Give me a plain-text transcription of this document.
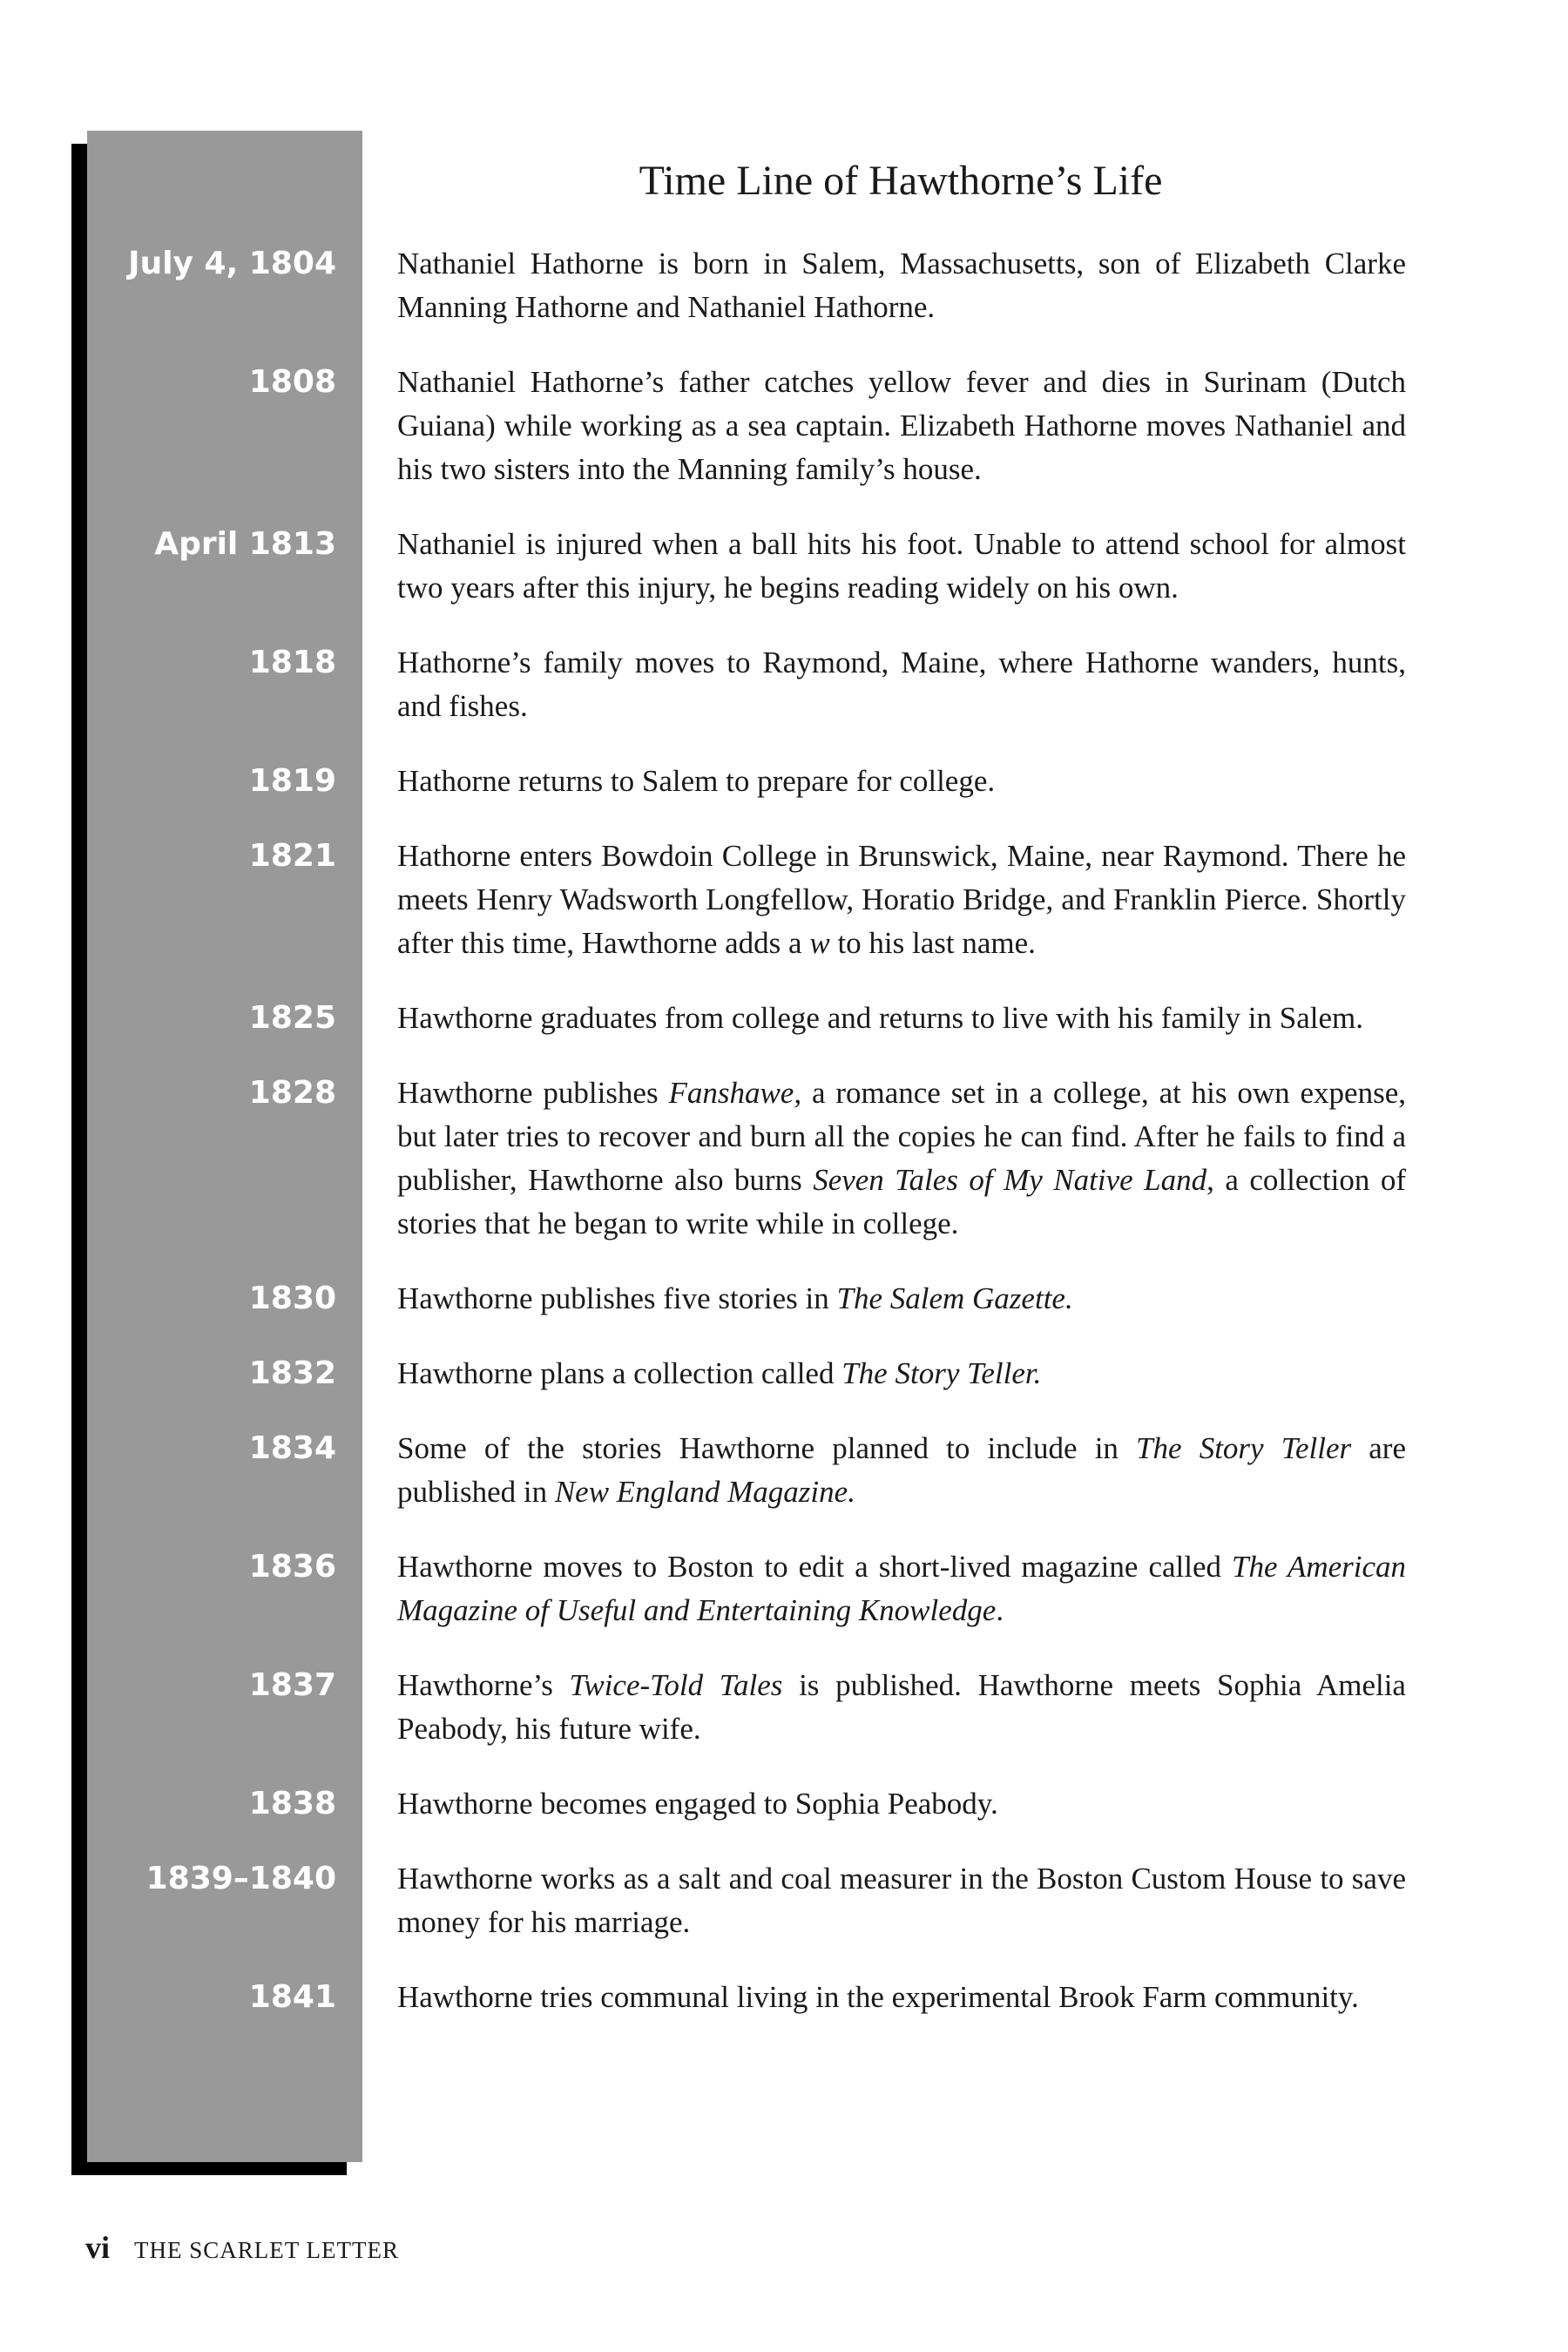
Time Line of Hawthorne’s Life
July 4, 1804	Nathaniel Hathorne is born in Salem, Massachusetts, son of Elizabeth Clarke Manning Hathorne and Nathaniel Hathorne.
1808	Nathaniel Hathorne’s father catches yellow fever and dies in Surinam (Dutch Guiana) while working as a sea captain. Elizabeth Hathorne moves Nathaniel and his two sisters into the Manning family’s house.
April 1813	Nathaniel is injured when a ball hits his foot. Unable to attend school for almost two years after this injury, he begins reading widely on his own.
1818	Hathorne’s family moves to Raymond, Maine, where Hathorne wanders, hunts, and fishes.
1819	Hathorne returns to Salem to prepare for college.
1821	Hathorne enters Bowdoin College in Brunswick, Maine, near Raymond. There he meets Henry Wadsworth Longfellow, Horatio Bridge, and Franklin Pierce. Shortly after this time, Hawthorne adds a w to his last name.
1825	Hawthorne graduates from college and returns to live with his family in Salem.
1828	Hawthorne publishes Fanshawe, a romance set in a college, at his own expense, but later tries to recover and burn all the copies he can find. After he fails to find a publisher, Hawthorne also burns Seven Tales of My Native Land, a collection of stories that he began to write while in college.
1830	Hawthorne publishes five stories in The Salem Gazette.
1832	Hawthorne plans a collection called The Story Teller.
1834	Some of the stories Hawthorne planned to include in The Story Teller are published in New England Magazine.
1836	Hawthorne moves to Boston to edit a short-lived magazine called The American Magazine of Useful and Entertaining Knowledge.
1837	Hawthorne’s Twice-Told Tales is published. Hawthorne meets Sophia Amelia Peabody, his future wife.
1838	Hawthorne becomes engaged to Sophia Peabody.
1839–1840	Hawthorne works as a salt and coal measurer in the Boston Custom House to save money for his marriage.
1841	Hawthorne tries communal living in the experimental Brook Farm community.
vi THE SCARLET LETTER
